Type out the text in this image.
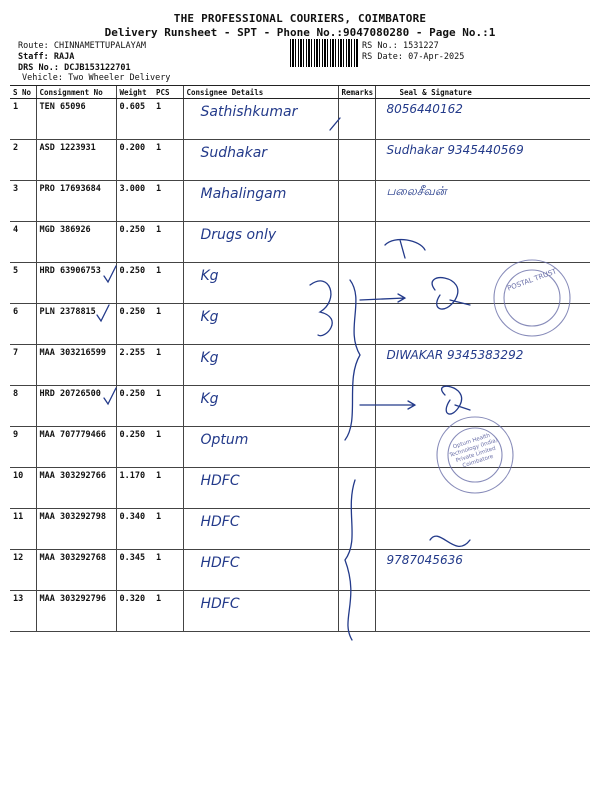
THE PROFESSIONAL COURIERS, COIMBATORE
Delivery Runsheet - SPT - Phone No.:9047080280 - Page No.:1
Route: CHINNAMETTUPALAYAM
Staff: RAJA
DRS No.: DCJB153122701
Vehicle: Two Wheeler Delivery
RS No.: 1531227
RS Date: 07-Apr-2025
S No	Consignment No	Weight	PCS	Consignee Details	Remarks	Seal & Signature
1	TEN 65096	0.605	1	Sathishkumar		8056440162

2	ASD 1223931	0.200	1	Sudhakar		Sudhakar 9345440569

3	PRO 17693684	3.000	1	Mahalingam		பலைசீவன்

4	MGD 386926	0.250	1	Drugs only		

5	HRD 63906753	0.250	1	Kg		

6	PLN 2378815	0.250	1	Kg		

7	MAA 303216599	2.255	1	Kg		DIWAKAR 9345383292

8	HRD 20726500	0.250	1	Kg		

9	MAA 707779466	0.250	1	Optum		

10	MAA 303292766	1.170	1	HDFC		

11	MAA 303292798	0.340	1	HDFC		

12	MAA 303292768	0.345	1	HDFC		9787045636

13	MAA 303292796	0.320	1	HDFC		

POSTAL TRUST
Optum Health Technology (India) Private Limited Coimbatore
